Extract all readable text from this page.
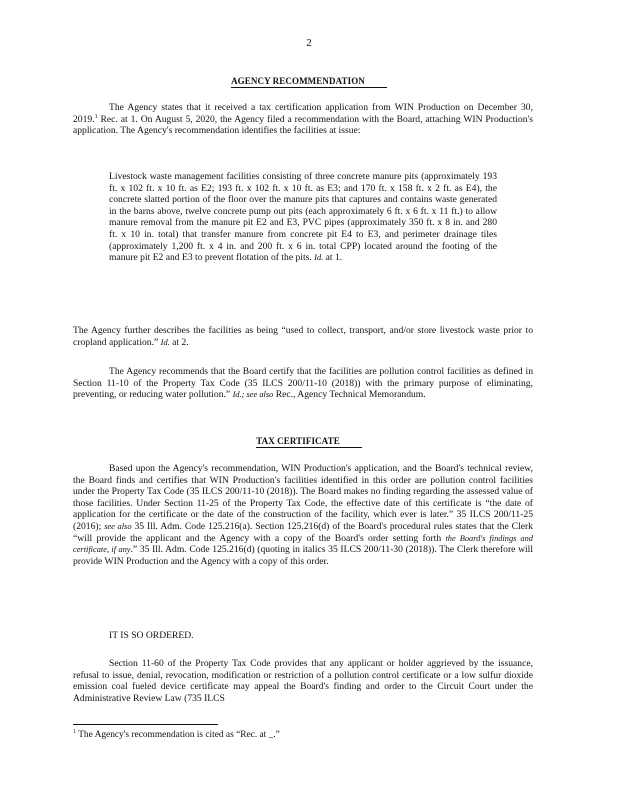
2
AGENCY RECOMMENDATION

The Agency states that it received a tax certification application from WIN Production on December 30, 2019.$^1$ Rec. at 1. On August 5, 2020, the Agency filed a recommendation with the Board, attaching WIN Production's application. The Agency's recommendation identifies the facilities at issue:

Livestock waste management facilities consisting of three concrete manure pits (approximately 193 ft. x 102 ft. x 10 ft. as E2; 193 ft. x 102 ft. x 10 ft. as E3; and 170 ft. x 158 ft. x 2 ft. as E4), the concrete slatted portion of the floor over the manure pits that captures and contains waste generated in the barns above, twelve concrete pump out pits (each approximately 6 ft. x 6 ft. x 11 ft.) to allow manure removal from the manure pit E2 and E3, PVC pipes (approximately 350 ft. x 8 in. and 280 ft. x 10 in. total) that transfer manure from concrete pit E4 to E3, and perimeter drainage tiles (approximately 1,200 ft. x 4 in. and 200 ft. x 6 in. total CPP) located around the footing of the manure pit E2 and E3 to prevent flotation of the pits. Id. at 1.

The Agency further describes the facilities as being “used to collect, transport, and/or store livestock waste prior to cropland application.” Id. at 2.

The Agency recommends that the Board certify that the facilities are pollution control facilities as defined in Section 11-10 of the Property Tax Code (35 ILCS 200/11-10 (2018)) with the primary purpose of eliminating, preventing, or reducing water pollution.” Id.; see also Rec., Agency Technical Memorandum.

TAX CERTIFICATE

Based upon the Agency's recommendation, WIN Production's application, and the Board's technical review, the Board finds and certifies that WIN Production's facilities identified in this order are pollution control facilities under the Property Tax Code (35 ILCS 200/11-10 (2018)). The Board makes no finding regarding the assessed value of those facilities. Under Section 11-25 of the Property Tax Code, the effective date of this certificate is “the date of application for the certificate or the date of the construction of the facility, which ever is later.” 35 ILCS 200/11-25 (2016); see also 35 Ill. Adm. Code 125.216(a). Section 125.216(d) of the Board's procedural rules states that the Clerk “will provide the applicant and the Agency with a copy of the Board's order setting forth the Board's findings and certificate, if any.” 35 Ill. Adm. Code 125.216(d) (quoting in italics 35 ILCS 200/11-30 (2018)). The Clerk therefore will provide WIN Production and the Agency with a copy of this order.

IT IS SO ORDERED.

Section 11-60 of the Property Tax Code provides that any applicant or holder aggrieved by the issuance, refusal to issue, denial, revocation, modification or restriction of a pollution control certificate or a low sulfur dioxide emission coal fueled device certificate may appeal the Board's finding and order to the Circuit Court under the Administrative Review Law (735 ILCS

$^1$ The Agency's recommendation is cited as “Rec. at _.”
